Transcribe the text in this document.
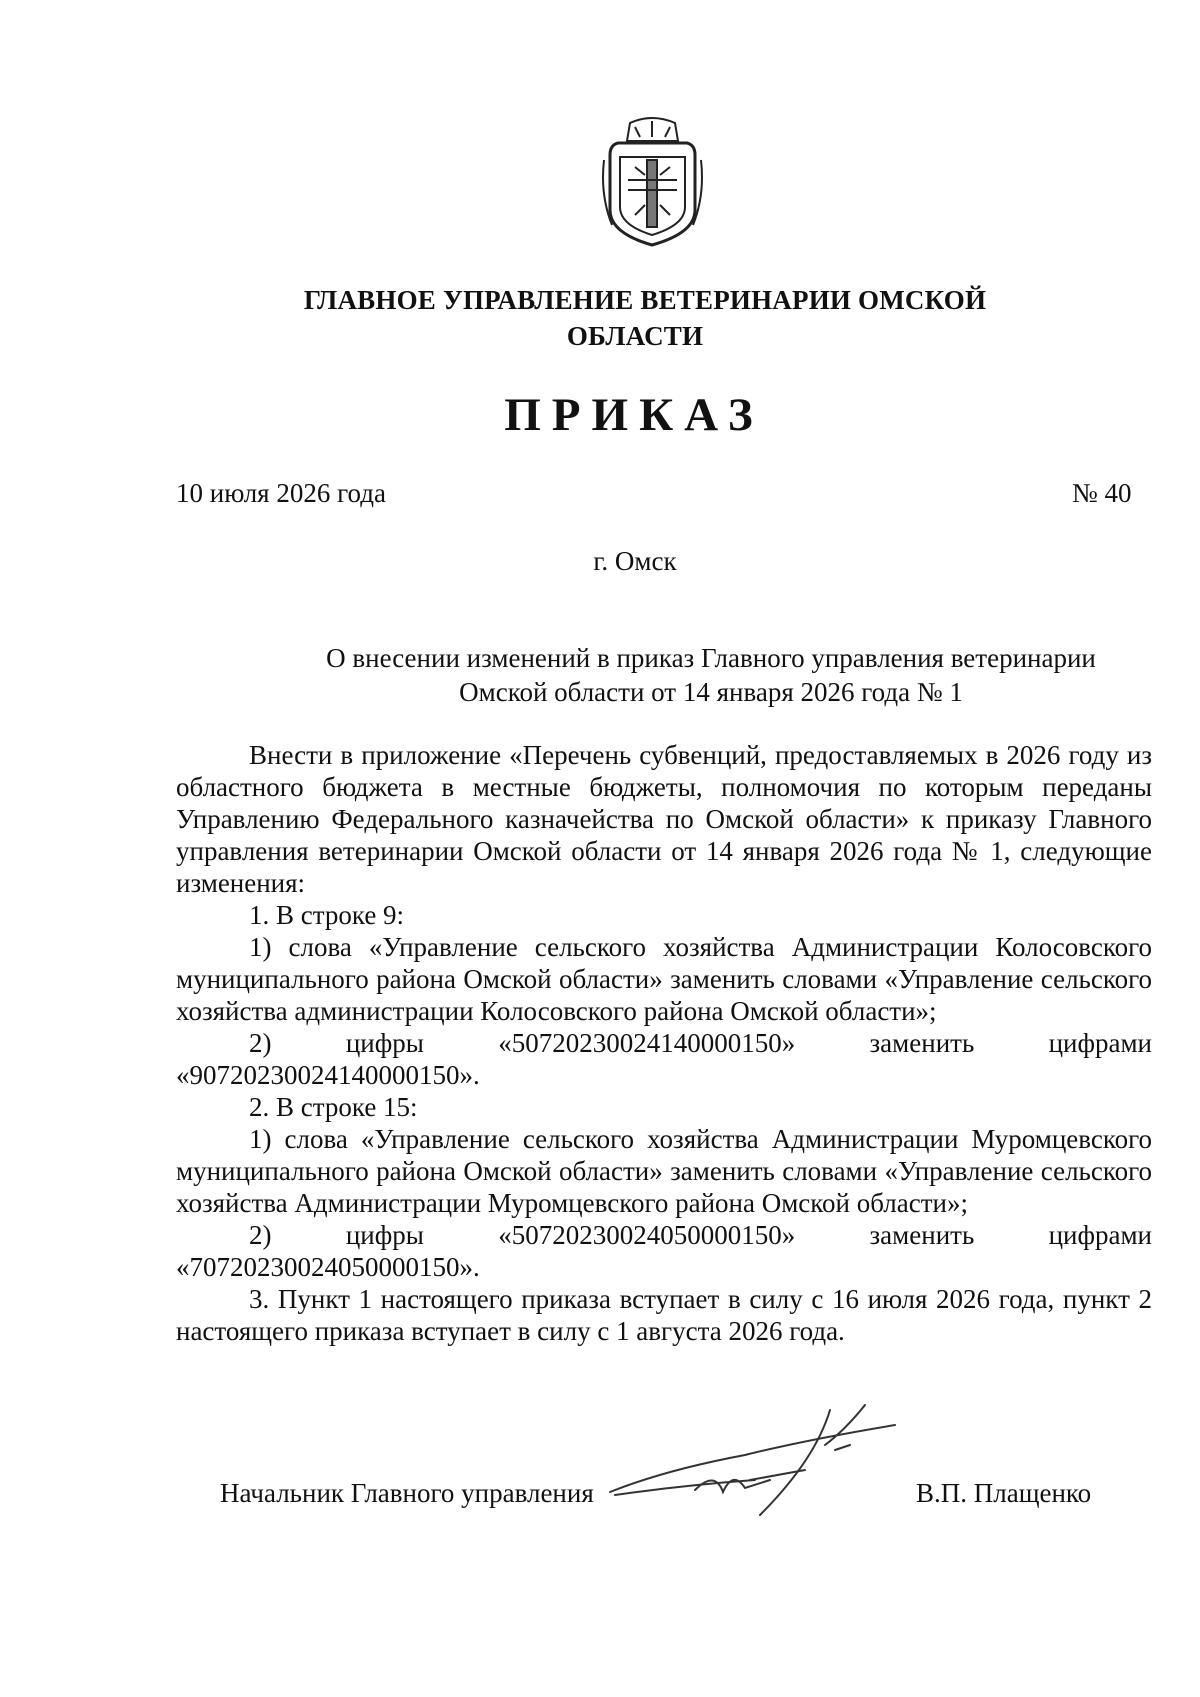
ГЛАВНОЕ УПРАВЛЕНИЕ ВЕТЕРИНАРИИ ОМСКОЙ
ОБЛАСТИ
ПРИКАЗ
10 июля 2026 года	№ 40
г. Омск
О внесении изменений в приказ Главного управления ветеринарии
Омской области от 14 января 2026 года № 1

Внести в приложение «Перечень субвенций, предоставляемых в 2026 году из областного бюджета в местные бюджеты, полномочия по которым переданы Управлению Федерального казначейства по Омской области» к приказу Главного управления ветеринарии Омской области от 14 января 2026 года № 1, следующие изменения:

1. В строке 9:

1) слова «Управление сельского хозяйства Администрации Колосовского муниципального района Омской области» заменить словами «Управление сельского хозяйства администрации Колосовского района Омской области»;

2) цифры «50720230024140000150» заменить цифрами «90720230024140000150».

2. В строке 15:

1) слова «Управление сельского хозяйства Администрации Муромцевского муниципального района Омской области» заменить словами «Управление сельского хозяйства Администрации Муромцевского района Омской области»;

2) цифры «50720230024050000150» заменить цифрами «70720230024050000150».

3. Пункт 1 настоящего приказа вступает в силу с 16 июля 2026 года, пункт 2 настоящего приказа вступает в силу с 1 августа 2026 года.

Начальник Главного управления	В.П. Плащенко
